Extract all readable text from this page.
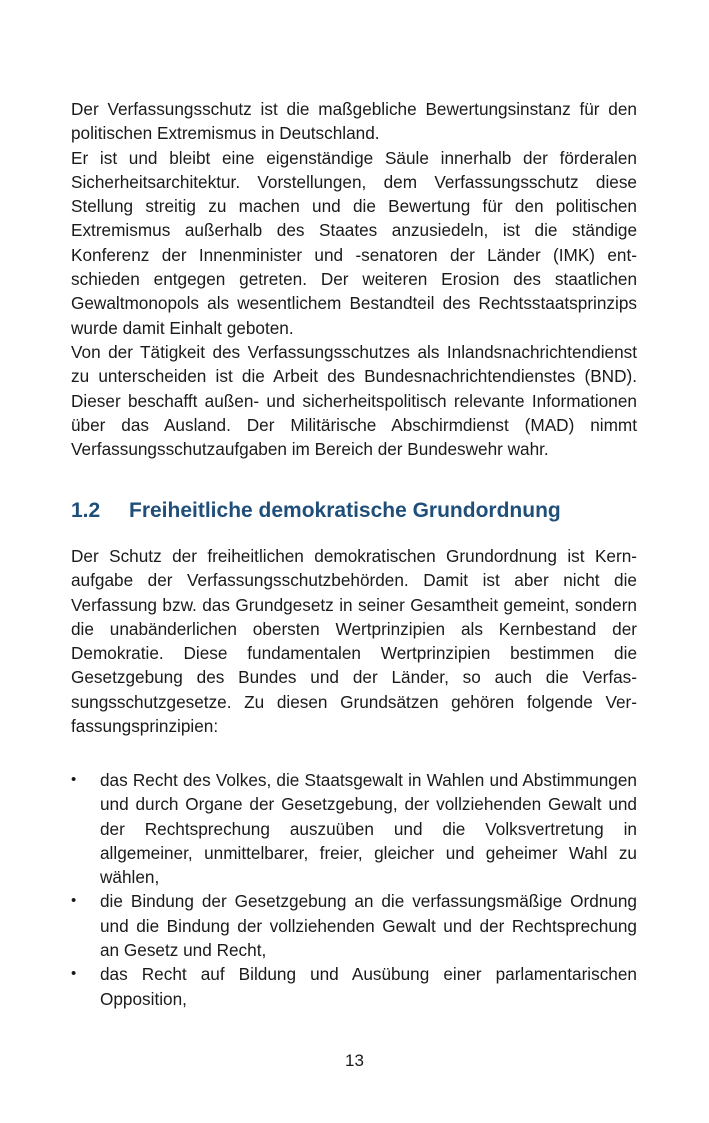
Der Verfassungsschutz ist die maßgebliche Bewertungsinstanz für den politischen Extremismus in Deutschland.

Er ist und bleibt eine eigenständige Säule innerhalb der förderalen Sicherheitsarchitektur. Vorstellungen, dem Verfassungsschutz diese Stellung streitig zu machen und die Bewertung für den politischen Extremismus außerhalb des Staates anzusiedeln, ist die ständige Konferenz der Innenminister und -senatoren der Länder (IMK) entschieden entgegen getreten. Der weiteren Erosion des staatlichen Gewaltmonopols als wesentlichem Bestandteil des Rechtsstaatsprinzips wurde damit Einhalt geboten.

Von der Tätigkeit des Verfassungsschutzes als Inlandsnachrichtendienst zu unterscheiden ist die Arbeit des Bundesnachrichtendienstes (BND). Dieser beschafft außen- und sicherheitspolitisch relevante Informationen über das Ausland. Der Militärische Abschirmdienst (MAD) nimmt Verfassungsschutzaufgaben im Bereich der Bundeswehr wahr.

1.2 Freiheitliche demokratische Grundordnung

Der Schutz der freiheitlichen demokratischen Grundordnung ist Kernaufgabe der Verfassungsschutzbehörden. Damit ist aber nicht die Verfassung bzw. das Grundgesetz in seiner Gesamtheit gemeint, sondern die unabänderlichen obersten Wertprinzipien als Kernbestand der Demokratie. Diese fundamentalen Wertprinzipien bestimmen die Gesetzgebung des Bundes und der Länder, so auch die Verfassungsschutzgesetze. Zu diesen Grundsätzen gehören folgende Verfassungsprinzipien:

• das Recht des Volkes, die Staatsgewalt in Wahlen und Abstimmungen und durch Organe der Gesetzgebung, der vollziehenden Gewalt und der Rechtsprechung auszuüben und die Volksvertretung in allgemeiner, unmittelbarer, freier, gleicher und geheimer Wahl zu wählen,
• die Bindung der Gesetzgebung an die verfassungsmäßige Ordnung und die Bindung der vollziehenden Gewalt und der Rechtsprechung an Gesetz und Recht,
• das Recht auf Bildung und Ausübung einer parlamentarischen Opposition,
13
